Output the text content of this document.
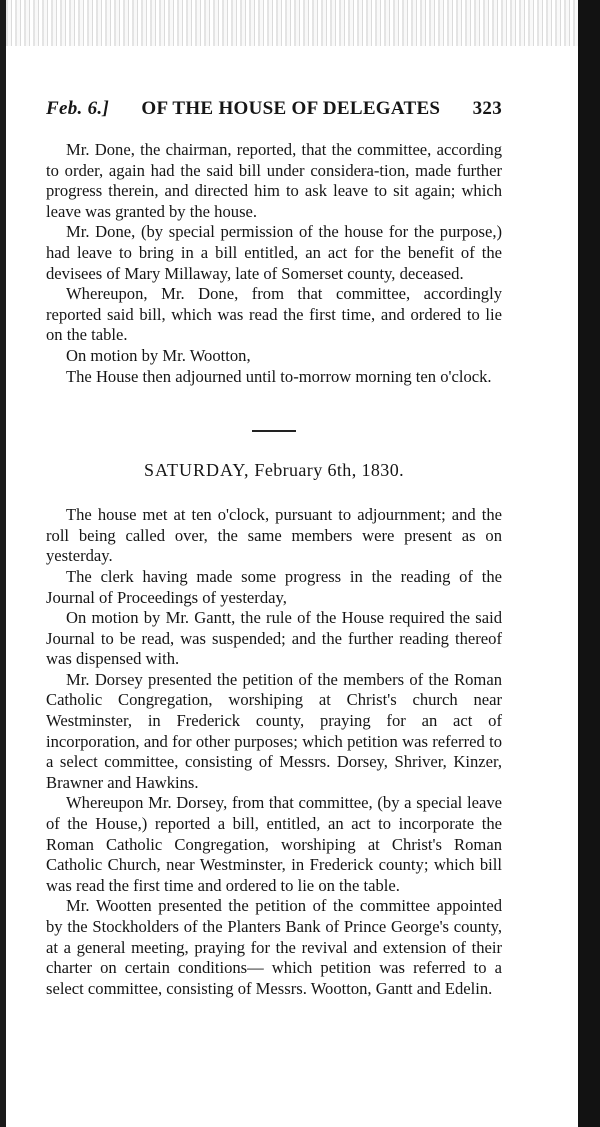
Feb. 6.] OF THE HOUSE OF DELEGATES 323

Mr. Done, the chairman, reported, that the committee, according to order, again had the said bill under considera-tion, made further progress therein, and directed him to ask leave to sit again; which leave was granted by the house.

Mr. Done, (by special permission of the house for the purpose,) had leave to bring in a bill entitled, an act for the benefit of the devisees of Mary Millaway, late of Somerset county, deceased.

Whereupon, Mr. Done, from that committee, accordingly reported said bill, which was read the first time, and ordered to lie on the table.

On motion by Mr. Wootton,

The House then adjourned until to-morrow morning ten o'clock.

SATURDAY, February 6th, 1830.

The house met at ten o'clock, pursuant to adjournment; and the roll being called over, the same members were present as on yesterday.

The clerk having made some progress in the reading of the Journal of Proceedings of yesterday,

On motion by Mr. Gantt, the rule of the House required the said Journal to be read, was suspended; and the further reading thereof was dispensed with.

Mr. Dorsey presented the petition of the members of the Roman Catholic Congregation, worshiping at Christ's church near Westminster, in Frederick county, praying for an act of incorporation, and for other purposes; which petition was referred to a select committee, consisting of Messrs. Dorsey, Shriver, Kinzer, Brawner and Hawkins.

Whereupon Mr. Dorsey, from that committee, (by a special leave of the House,) reported a bill, entitled, an act to incorporate the Roman Catholic Congregation, worshiping at Christ's Roman Catholic Church, near Westminster, in Frederick county; which bill was read the first time and ordered to lie on the table.

Mr. Wootten presented the petition of the committee appointed by the Stockholders of the Planters Bank of Prince George's county, at a general meeting, praying for the revival and extension of their charter on certain conditions— which petition was referred to a select committee, consisting of Messrs. Wootton, Gantt and Edelin.
